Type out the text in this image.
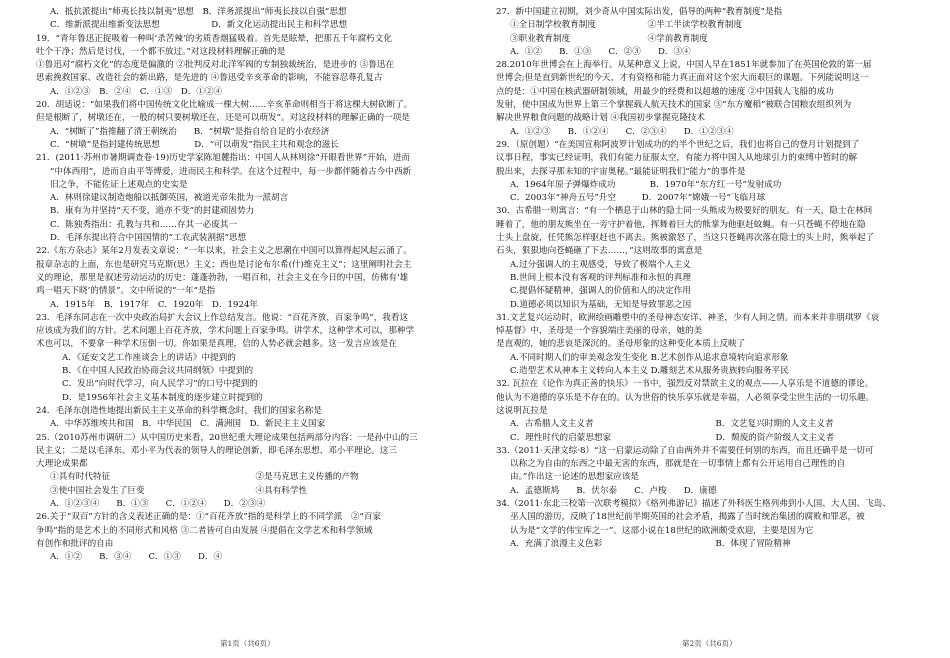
A．抵抗派提出“师夷长技以制夷”思想　B．洋务派提出“师夷长技以自强”思想
C．维新派提出维新变法思想　　　　　　D．新文化运动提出民主和科学思想
19．“青年鲁迅正捉吸着一种叫‘杀苦辣’的劣质香烟猛吸着。首先是眩晕，把那五千年腐朽文化
吐个干净；然后是讨伐，一个都不放过。”对这段材料理解正确的是
①鲁迅对“腐朽文化”的态度是偏激的 ②批判反对北洋军阀的专制独裁统治，是进步的 ③鲁迅在
思索挽救国家、改造社会的新出路，是先进的 ④鲁迅受辛亥革命的影响，不能容忍尊孔复古
A．①②③　B．②④　C．①③　D．①②④
20．胡适说：“如果我们将中国传统文化比喻成一棵大树……辛亥革命则相当于将这棵大树砍断了。
但是根断了，树墩还在，一般的树只要树墩还在，还是可以萌发”。对这段材料的理解正确的一项是
A．“树断了”指推翻了清王朝统治　　B．“树墩”是指自给自足的小农经济
C．“树墩”是指封建传统思想　　　　D．“可以萌发”指民主共和观念的滋长
21．(2011·苏州市暑期调查卷·19)历史学家陈旭麓指出：中国人从林则徐“开眼看世界”开始，进而
“中体西用”，进而自由平等博爱，进而民主和科学。在这个过程中，每一步都伴随着古今中西新
旧之争，不能佐证上述观点的史实是
A．林则徐建议制造炮船以抵御英国，被道光帝朱批为一派胡言
B．康有为并坚持“天不变，道亦不变”的封建顽固势力
C．陈独秀指出：孔教与共和……存其一必废其一
D．毛泽东提出符合中国国情的“工农武装割据”思想
22.《东方杂志》某年2月发表文章说：“一年以来，社会主义之思潮在中国可以算得起风起云涌了。
报章杂志的上面，东也是研究马克斯(思）主义；西也是讨论布尔希(什)维克主义”；这里阐明社会主
义的理论，那里是叙述劳动运动的历史：蓬蓬勃勃，一唱百和，社会主义在今日的中国，仿佛有‘雄
鸡一唱天下晓’的情景”。文中所说的“一年”是指
A．1915年　B．1917年　C．1920年　D．1924年
23．毛泽东同志在一次中央政治局扩大会议上作总结发言。他说：“百花齐放，百家争鸣”，我看这
应该成为我们的方针。艺术问题上百花齐放，学术问题上百家争鸣。讲学术，这种学术可以，那种学
术也可以，不要拿一种学术压倒一切。你如果是真理，信的人势必就会越多。这一发言应该是在
A．《延安文艺工作座谈会上的讲话》中提到的
B．《在中国人民政治协商会议共同纲领》中提到的
C．发出“向时代学习，向人民学习”的口号中提到的
D．是1956年社会主义基本制度的逐步建立时提到的
24．毛泽东创造性地提出新民主主义革命的科学概念时，我们的国家名称是
A．中华苏维埃共和国　B．中华民国　C．满洲国　D．新民主主义国家
25.（2010苏州市调研二）从中国历史来看，20世纪重大理论成果包括两部分内容：一是孙中山的三
民主义；二是以毛泽东、邓小平为代表的领导人的理论创新，即毛泽东思想、邓小平理论。这三
大理论成果都
①具有时代特征	②是马克思主义传播的产物
③使中国社会发生了巨变	④具有科学性
A．①②③④　　B．①③　　C．①②④　　D．②③④
26.关于“双百”方针的含义表述正确的是：①“百花齐放”指的是科学上的不同学派　②“百家
争鸣”指的是艺术上的不同形式和风格 ③二者皆可自由发展 ④提倡在文学艺术和科学领域
有创作和批评的自由
A．①②　　B．③④　　C．①③　　D．④
27．新中国建立初期，刘少奇从中国实际出发，倡导的两种“教育制度”是指
①全日制学校教育制度　　　　　　②半工半读学校教育制度
③职业教育制度　　　　　　　　　④学前教育制度
A．①②　　B．①③　　C．②③　　D．③④
28.2010年世博会在上海举行。从某种意义上说，中国人早在1851年就参加了在英国伦敦的第一届
世博会;但是直到新世纪的今天，才有资格和能力真正面对这个宏大而艰巨的课题。下列能说明这一
点的是：①中国在核武器研制领域，用最少的经费和以超越的速度 ②中国载人飞船的成功
发射，使中国成为世界上第三个掌握载人航天技术的国家 ③“东方魔稻”被联合国粮农组织列为
解决世界粮食问题的战略计划 ④我国初步掌握克隆技术
A．①②③　　B．①②④　　C．②③④　　D．①②③④
29．（原创题）“在美国宣称阿波罗计划成功的约半个世纪之后，我们也将自己的登月计划提到了
议事日程，事实已经证明，我们有能力征服太空，有能力将中国人从地球引力的束缚中暂时的解
脱出来，去探寻那未知的宇宙奥秘。”最能证明我们“能力”的事件是
A．1964年原子弹爆炸成功　　　　B．1970年“东方红一号”发射成功
C．2003年“神舟五号”升空　　　D．2007年“嫦娥一号”飞临月球
30．古希腊一则寓言：“有一个栖息于山林的隐士同一头熊成为极要好的朋友。有一天，隐士在林间
睡着了，他的朋友熊坐在一旁守护着他，挥舞着巨大的熊掌为他驱赶蚊蝇。有一只苍蝇不停地在隐
士头上盘旋，任凭熊怎样驱赶也不离去。熊被激怒了，当这只苍蝇再次落在隐士的头上时，熊举起了
石头，狠狠地向苍蝇砸了下去……，”这则故事的寓意是
A.过分强调人的主观感受，导致了极端个人主义
B.世间上根本没有客观的评判标准和永恒的真理
C.提倡怀疑精神，强调人的价值和人的决定作用
D.道德必须以知识为基础，无知是导致罪恶之因
31.文艺复兴运动时，欧洲绘画雕塑中的圣母神态安详、神圣，少有人间之情。而本来并非朋琪罗《哀
悼基督》中，圣母是一个容貌端庄美丽的母亲，她的美
是直观的，她的悲哀是深沉的。圣母形象的这种变化本质上反映了
A.不同时期人们的审美观念发生变化 B.艺术创作从追求意境转向追求形象
C.造型艺术从神本主义转向人本主义 D.雕刻艺术从服务贵族转向服务平民
32. 瓦拉在《论作为真正善的快乐》一书中，强烈反对禁欲主义的观点——人享乐是不道德的谬论。
他认为不道德的享乐是不存在的。认为世俗的快乐享乐就是幸福，人必须享受尘世生活的一切乐趣。
这说明瓦拉是
A．古希腊人文主义者	B．文艺复兴时期的人文主义者
C．理性时代的启蒙思想家	D．颓废的资产阶级人文主义者
33.（2011·天津文综·8）“这一启蒙运动除了自由两外并不需要任何别的东西，而且还确乎是一切可
以称之为自由的东西之中最无害的东西，那就是在一切事情上都有公开运用自己理性的自
由。”作出这一论述的思想家应该是
A．孟德斯鸠　　B．伏尔泰　　C．卢梭　　D．康德
34.（2011·东北三校第一次联考模拟）《格列弗游记》描述了外科医生格列弗到小人国、大人国、飞岛、
巫人国的游历，反映了18世纪前半期英国的社会矛盾，揭露了当时统治集团的腐败和罪恶，被
认为是“文学的伟宝库之一”。这部小说在18世纪的欧洲颇受欢迎，主要是因为它
A．充满了浪漫主义色彩	B．体现了冒险精神
第1页（共6页）	第2页（共6页）
